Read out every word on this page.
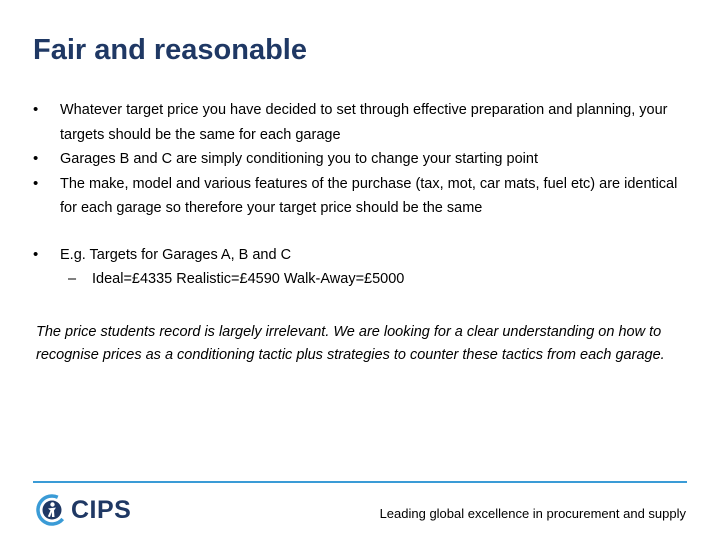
Fair and reasonable
• Whatever target price you have decided to set through effective preparation and planning, your targets should be the same for each garage
• Garages B and C are simply conditioning you to change your starting point
• The make, model and various features of the purchase (tax, mot, car mats, fuel etc) are identical for each garage so therefore your target price should be the same
• E.g. Targets for Garages A, B and C
– Ideal=£4335 Realistic=£4590 Walk-Away=£5000
The price students record is largely irrelevant. We are looking for a clear understanding on how to recognise prices as a conditioning tactic plus strategies to counter these tactics from each garage.
CIPS	Leading global excellence in procurement and supply
